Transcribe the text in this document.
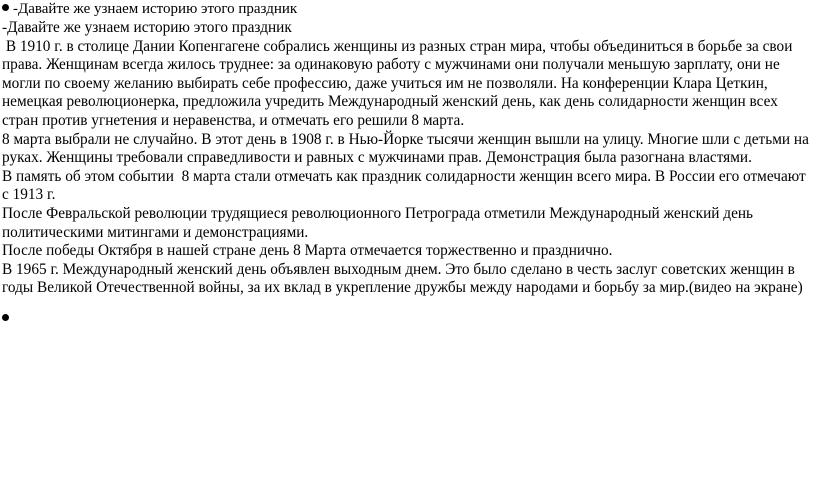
-Давайте же узнаем историю этого праздник

-Давайте же узнаем историю этого праздник

В 1910 г. в столице Дании Копенгагене собрались женщины из разных стран мира, чтобы объединиться в борьбе за свои права. Женщинам всегда жилось труднее: за одинаковую работу с мужчинами они получали меньшую зарплату, они не могли по своему желанию выбирать себе профессию, даже учиться им не позволяли. На конференции Клара Цеткин, немецкая революционерка, предложила учредить Международный женский день, как день солидарности женщин всех стран против угнетения и неравенства, и отмечать его решили 8 марта.

8 марта выбрали не случайно. В этот день в 1908 г. в Нью-Йорке тысячи женщин вышли на улицу. Многие шли с детьми на руках. Женщины требовали справедливости и равных с мужчинами прав. Демонстрация была разогнана властями.

В память об этом событии  8 марта стали отмечать как праздник солидарности женщин всего мира. В России его отмечают с 1913 г.

После Февральской революции трудящиеся революционного Петрограда отметили Международный женский день политическими митингами и демонстрациями.

После победы Октября в нашей стране день 8 Марта отмечается торжественно и празднично.

В 1965 г. Международный женский день объявлен выходным днем. Это было сделано в честь заслуг советских женщин в годы Великой Отечественной войны, за их вклад в укрепление дружбы между народами и борьбу за мир.(видео на экране)
